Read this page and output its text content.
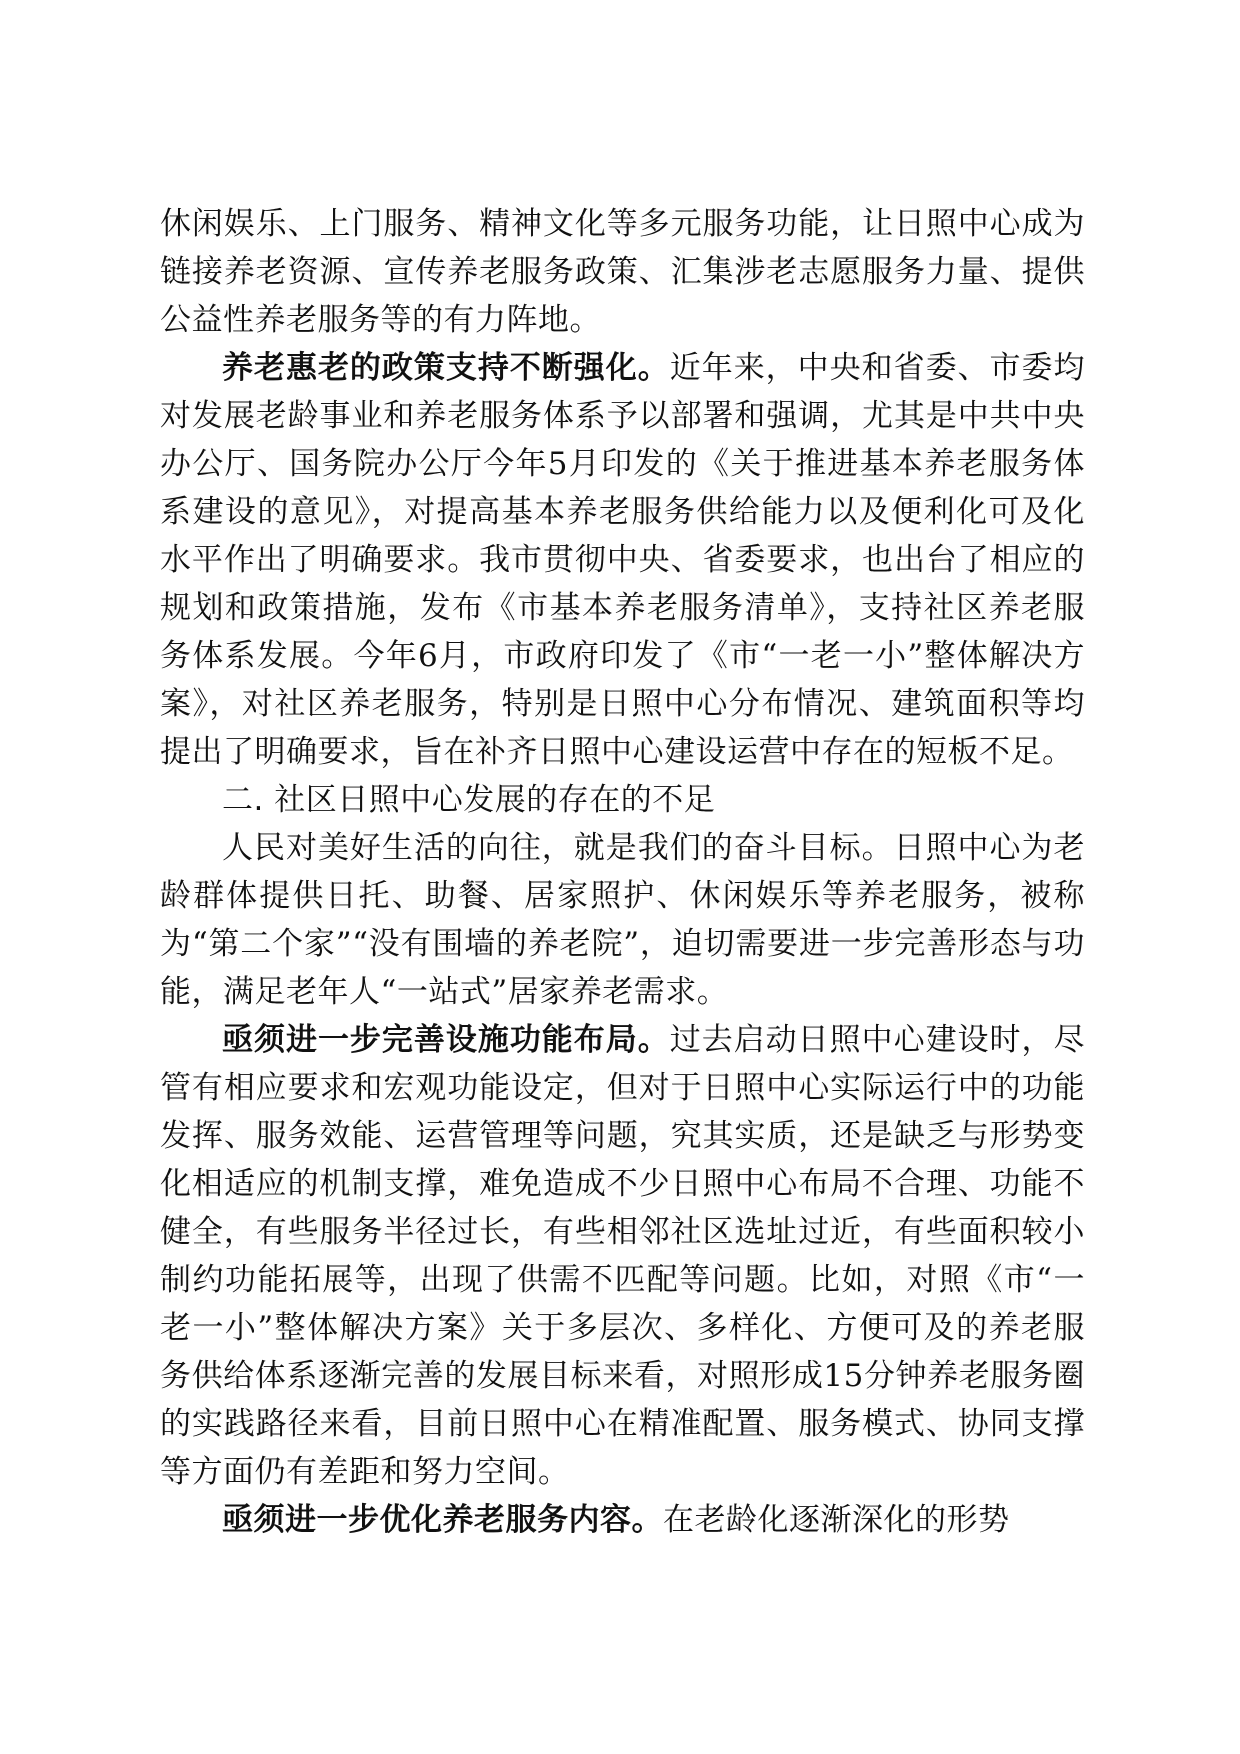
休闲娱乐、上门服务、精神文化等多元服务功能，让日照中心成为链接养老资源、宣传养老服务政策、汇集涉老志愿服务力量、提供公益性养老服务等的有力阵地。

养老惠老的政策支持不断强化。近年来，中央和省委、市委均对发展老龄事业和养老服务体系予以部署和强调，尤其是中共中央办公厅、国务院办公厅今年5月印发的《关于推进基本养老服务体系建设的意见》，对提高基本养老服务供给能力以及便利化可及化水平作出了明确要求。我市贯彻中央、省委要求，也出台了相应的规划和政策措施，发布《市基本养老服务清单》，支持社区养老服务体系发展。今年6月，市政府印发了《市“一老一小”整体解决方案》，对社区养老服务，特别是日照中心分布情况、建筑面积等均提出了明确要求，旨在补齐日照中心建设运营中存在的短板不足。

二. 社区日照中心发展的存在的不足

人民对美好生活的向往，就是我们的奋斗目标。日照中心为老龄群体提供日托、助餐、居家照护、休闲娱乐等养老服务，被称为“第二个家”“没有围墙的养老院”，迫切需要进一步完善形态与功能，满足老年人“一站式”居家养老需求。

亟须进一步完善设施功能布局。过去启动日照中心建设时，尽管有相应要求和宏观功能设定，但对于日照中心实际运行中的功能发挥、服务效能、运营管理等问题，究其实质，还是缺乏与形势变化相适应的机制支撑，难免造成不少日照中心布局不合理、功能不健全，有些服务半径过长，有些相邻社区选址过近，有些面积较小制约功能拓展等，出现了供需不匹配等问题。比如，对照《市“一老一小”整体解决方案》关于多层次、多样化、方便可及的养老服务供给体系逐渐完善的发展目标来看，对照形成15分钟养老服务圈的实践路径来看，目前日照中心在精准配置、服务模式、协同支撑等方面仍有差距和努力空间。

亟须进一步优化养老服务内容。在老龄化逐渐深化的形势
